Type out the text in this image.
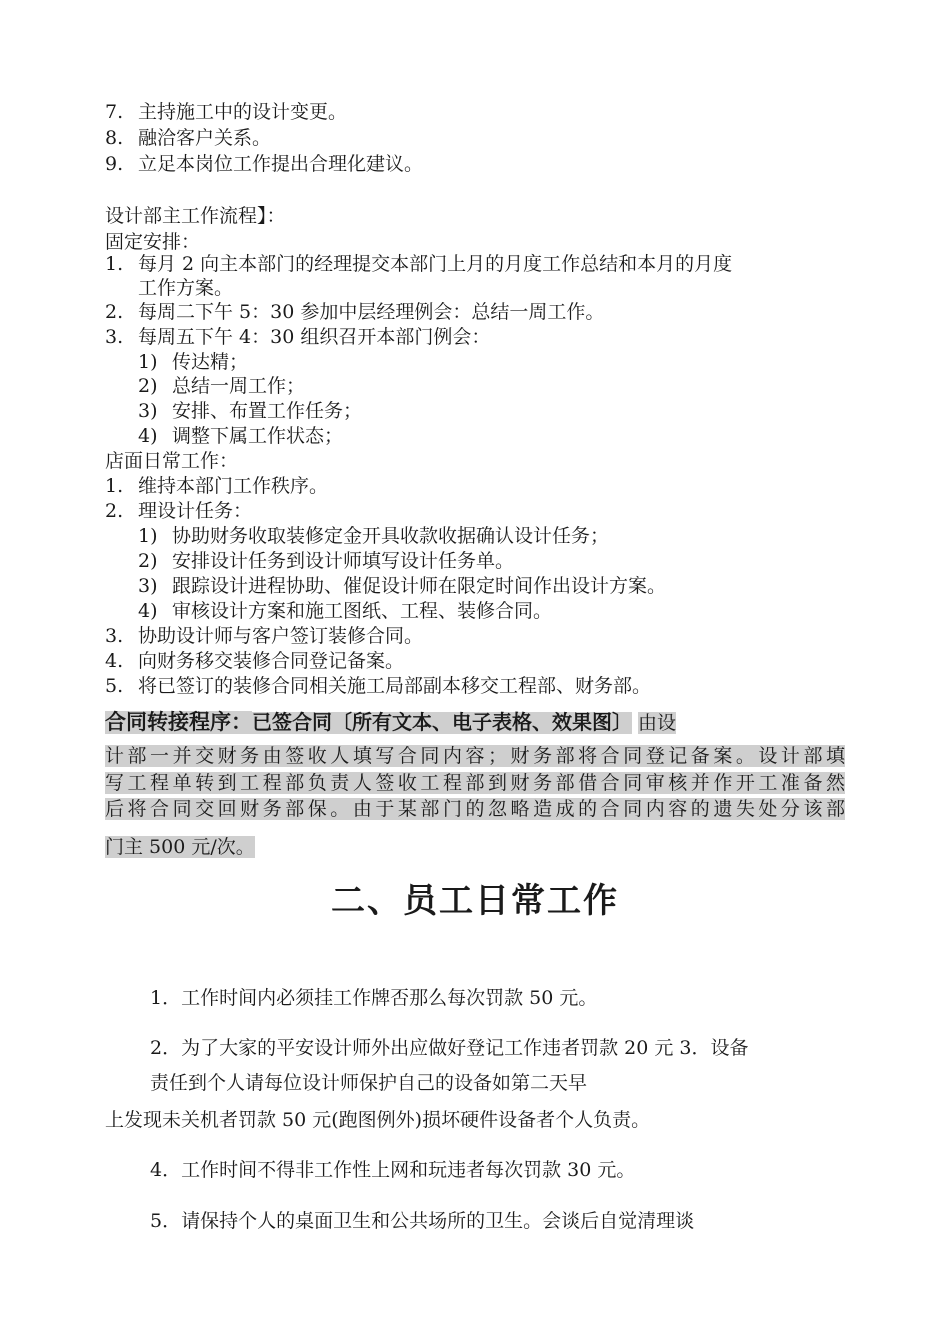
7. 主持施工中的设计变更。
8. 融洽客户关系。
9. 立足本岗位工作提出合理化建议。
设计部主工作流程】：
固定安排：
1. 每月 2 向主本部门的经理提交本部门上月的月度工作总结和本月的月度
工作方案。
2. 每周二下午 5：30 参加中层经理例会：总结一周工作。
3. 每周五下午 4：30 组织召开本部门例会：
1) 传达精；
2) 总结一周工作；
3) 安排、布置工作任务；
4) 调整下属工作状态；
店面日常工作：
1. 维持本部门工作秩序。
2. 理设计任务：
1) 协助财务收取装修定金开具收款收据确认设计任务；
2) 安排设计任务到设计师填写设计任务单。
3) 跟踪设计进程协助、催促设计师在限定时间作出设计方案。
4) 审核设计方案和施工图纸、工程、装修合同。
3. 协助设计师与客户签订装修合同。
4. 向财务移交装修合同登记备案。
5. 将已签订的装修合同相关施工局部副本移交工程部、财务部。
合同转接程序：已签合同〔所有文本、电子表格、效果图〕 由设
计部一并交财务由签收人填写合同内容；财务部将合同登记备案。设计部填
写工程单转到工程部负责人签收工程部到财务部借合同审核并作开工准备然
后将合同交回财务部保。由于某部门的忽略造成的合同内容的遗失处分该部
门主 500 元/次。
二、员工日常工作
1．工作时间内必须挂工作牌否那么每次罚款 50 元。
2．为了大家的平安设计师外出应做好登记工作违者罚款 20 元 3．设备
责任到个人请每位设计师保护自己的设备如第二天早
上发现未关机者罚款 50 元(跑图例外)损坏硬件设备者个人负责。
4．工作时间不得非工作性上网和玩违者每次罚款 30 元。
5．请保持个人的桌面卫生和公共场所的卫生。会谈后自觉清理谈
